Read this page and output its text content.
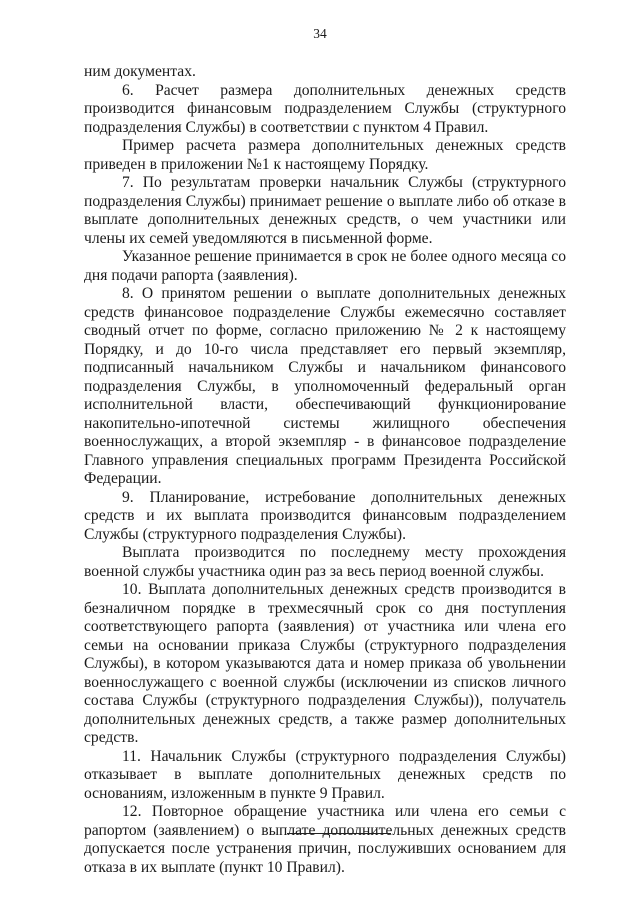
34

ним документах.

6. Расчет размера дополнительных денежных средств производится финансовым подразделением Службы (структурного подразделения Службы) в соответствии с пунктом 4 Правил.

Пример расчета размера дополнительных денежных средств приведен в приложении №1 к настоящему Порядку.

7. По результатам проверки начальник Службы (структурного подразделения Службы) принимает решение о выплате либо об отказе в выплате дополнительных денежных средств, о чем участники или члены их семей уведомляются в письменной форме.

Указанное решение принимается в срок не более одного месяца со дня подачи рапорта (заявления).

8. О принятом решении о выплате дополнительных денежных средств финансовое подразделение Службы ежемесячно составляет сводный отчет по форме, согласно приложению № 2 к настоящему Порядку, и до 10-го числа представляет его первый экземпляр, подписанный начальником Службы и начальником финансового подразделения Службы, в уполномоченный федеральный орган исполнительной власти, обеспечивающий функционирование накопительно-ипотечной системы жилищного обеспечения военнослужащих, а второй экземпляр - в финансовое подразделение Главного управления специальных программ Президента Российской Федерации.

9. Планирование, истребование дополнительных денежных средств и их выплата производится финансовым подразделением Службы (структурного подразделения Службы).

Выплата производится по последнему месту прохождения военной службы участника один раз за весь период военной службы.

10. Выплата дополнительных денежных средств производится в безналичном порядке в трехмесячный срок со дня поступления соответствующего рапорта (заявления) от участника или члена его семьи на основании приказа Службы (структурного подразделения Службы), в котором указываются дата и номер приказа об увольнении военнослужащего с военной службы (исключении из списков личного состава Службы (структурного подразделения Службы)), получатель дополнительных денежных средств, а также размер дополнительных средств.

11. Начальник Службы (структурного подразделения Службы) отказывает в выплате дополнительных денежных средств по основаниям, изложенным в пункте 9 Правил.

12. Повторное обращение участника или члена его семьи с рапортом (заявлением) о выплате дополнительных денежных средств допускается после устранения причин, послуживших основанием для отказа в их выплате (пункт 10 Правил).
